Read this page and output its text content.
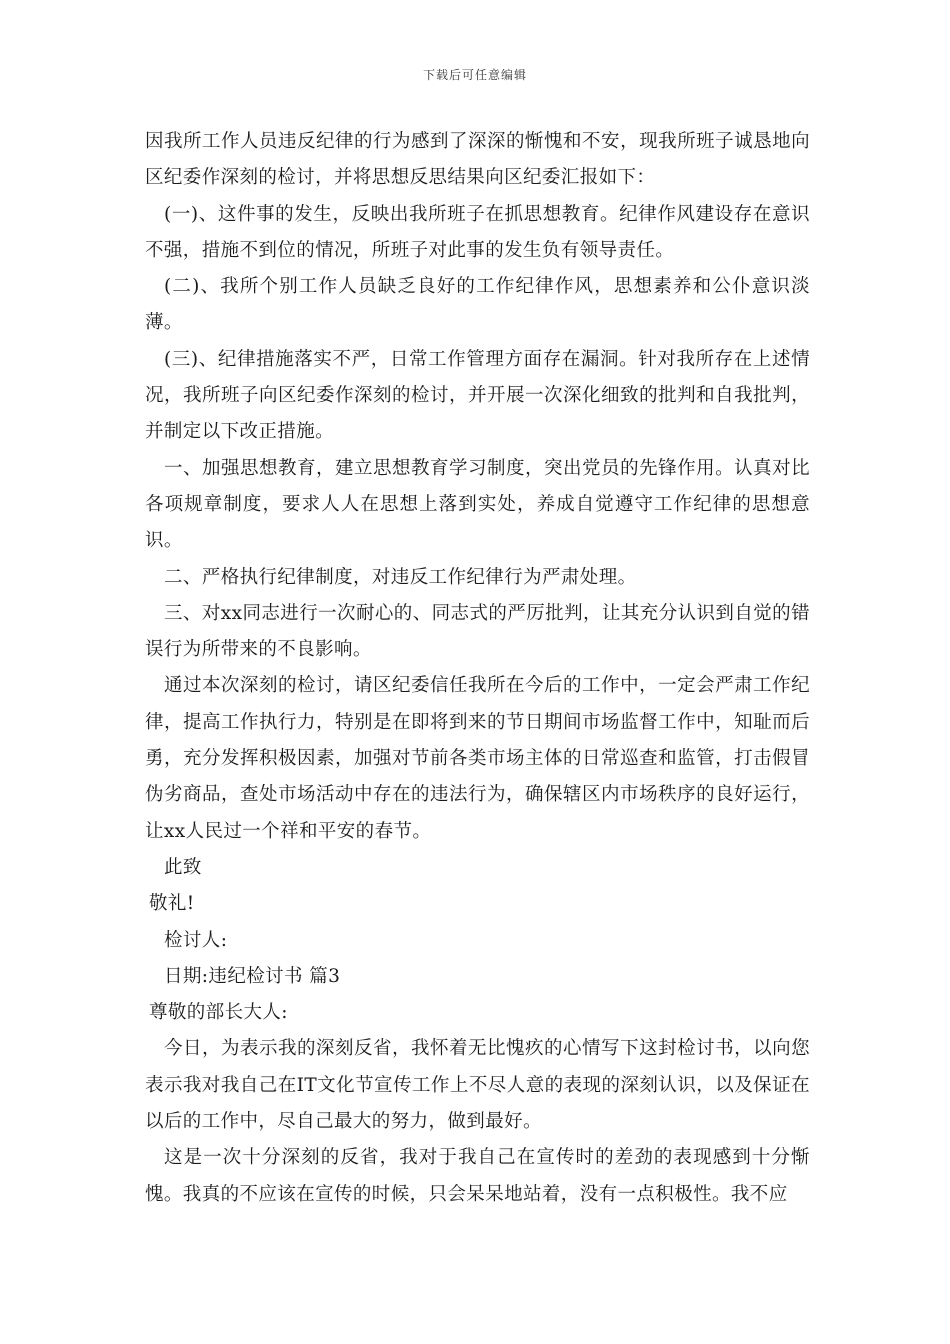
下载后可任意编辑

因我所工作人员违反纪律的行为感到了深深的惭愧和不安，现我所班子诚恳地向区纪委作深刻的检讨，并将思想反思结果向区纪委汇报如下：

(一)、这件事的发生，反映出我所班子在抓思想教育。纪律作风建设存在意识不强，措施不到位的情况，所班子对此事的发生负有领导责任。

(二)、我所个别工作人员缺乏良好的工作纪律作风，思想素养和公仆意识淡薄。

(三)、纪律措施落实不严，日常工作管理方面存在漏洞。针对我所存在上述情况，我所班子向区纪委作深刻的检讨，并开展一次深化细致的批判和自我批判，并制定以下改正措施。

一、加强思想教育，建立思想教育学习制度，突出党员的先锋作用。认真对比各项规章制度，要求人人在思想上落到实处，养成自觉遵守工作纪律的思想意识。

二、严格执行纪律制度，对违反工作纪律行为严肃处理。

三、对xx同志进行一次耐心的、同志式的严厉批判，让其充分认识到自觉的错误行为所带来的不良影响。

通过本次深刻的检讨，请区纪委信任我所在今后的工作中，一定会严肃工作纪律，提高工作执行力，特别是在即将到来的节日期间市场监督工作中，知耻而后勇，充分发挥积极因素，加强对节前各类市场主体的日常巡查和监管，打击假冒伪劣商品，查处市场活动中存在的违法行为，确保辖区内市场秩序的良好运行，让xx人民过一个祥和平安的春节。

此致

敬礼!

检讨人:

日期:违纪检讨书 篇3

尊敬的部长大人:

今日，为表示我的深刻反省，我怀着无比愧疚的心情写下这封检讨书，以向您表示我对我自己在IT文化节宣传工作上不尽人意的表现的深刻认识，以及保证在以后的工作中，尽自己最大的努力，做到最好。

这是一次十分深刻的反省，我对于我自己在宣传时的差劲的表现感到十分惭愧。我真的不应该在宣传的时候，只会呆呆地站着，没有一点积极性。我不应
